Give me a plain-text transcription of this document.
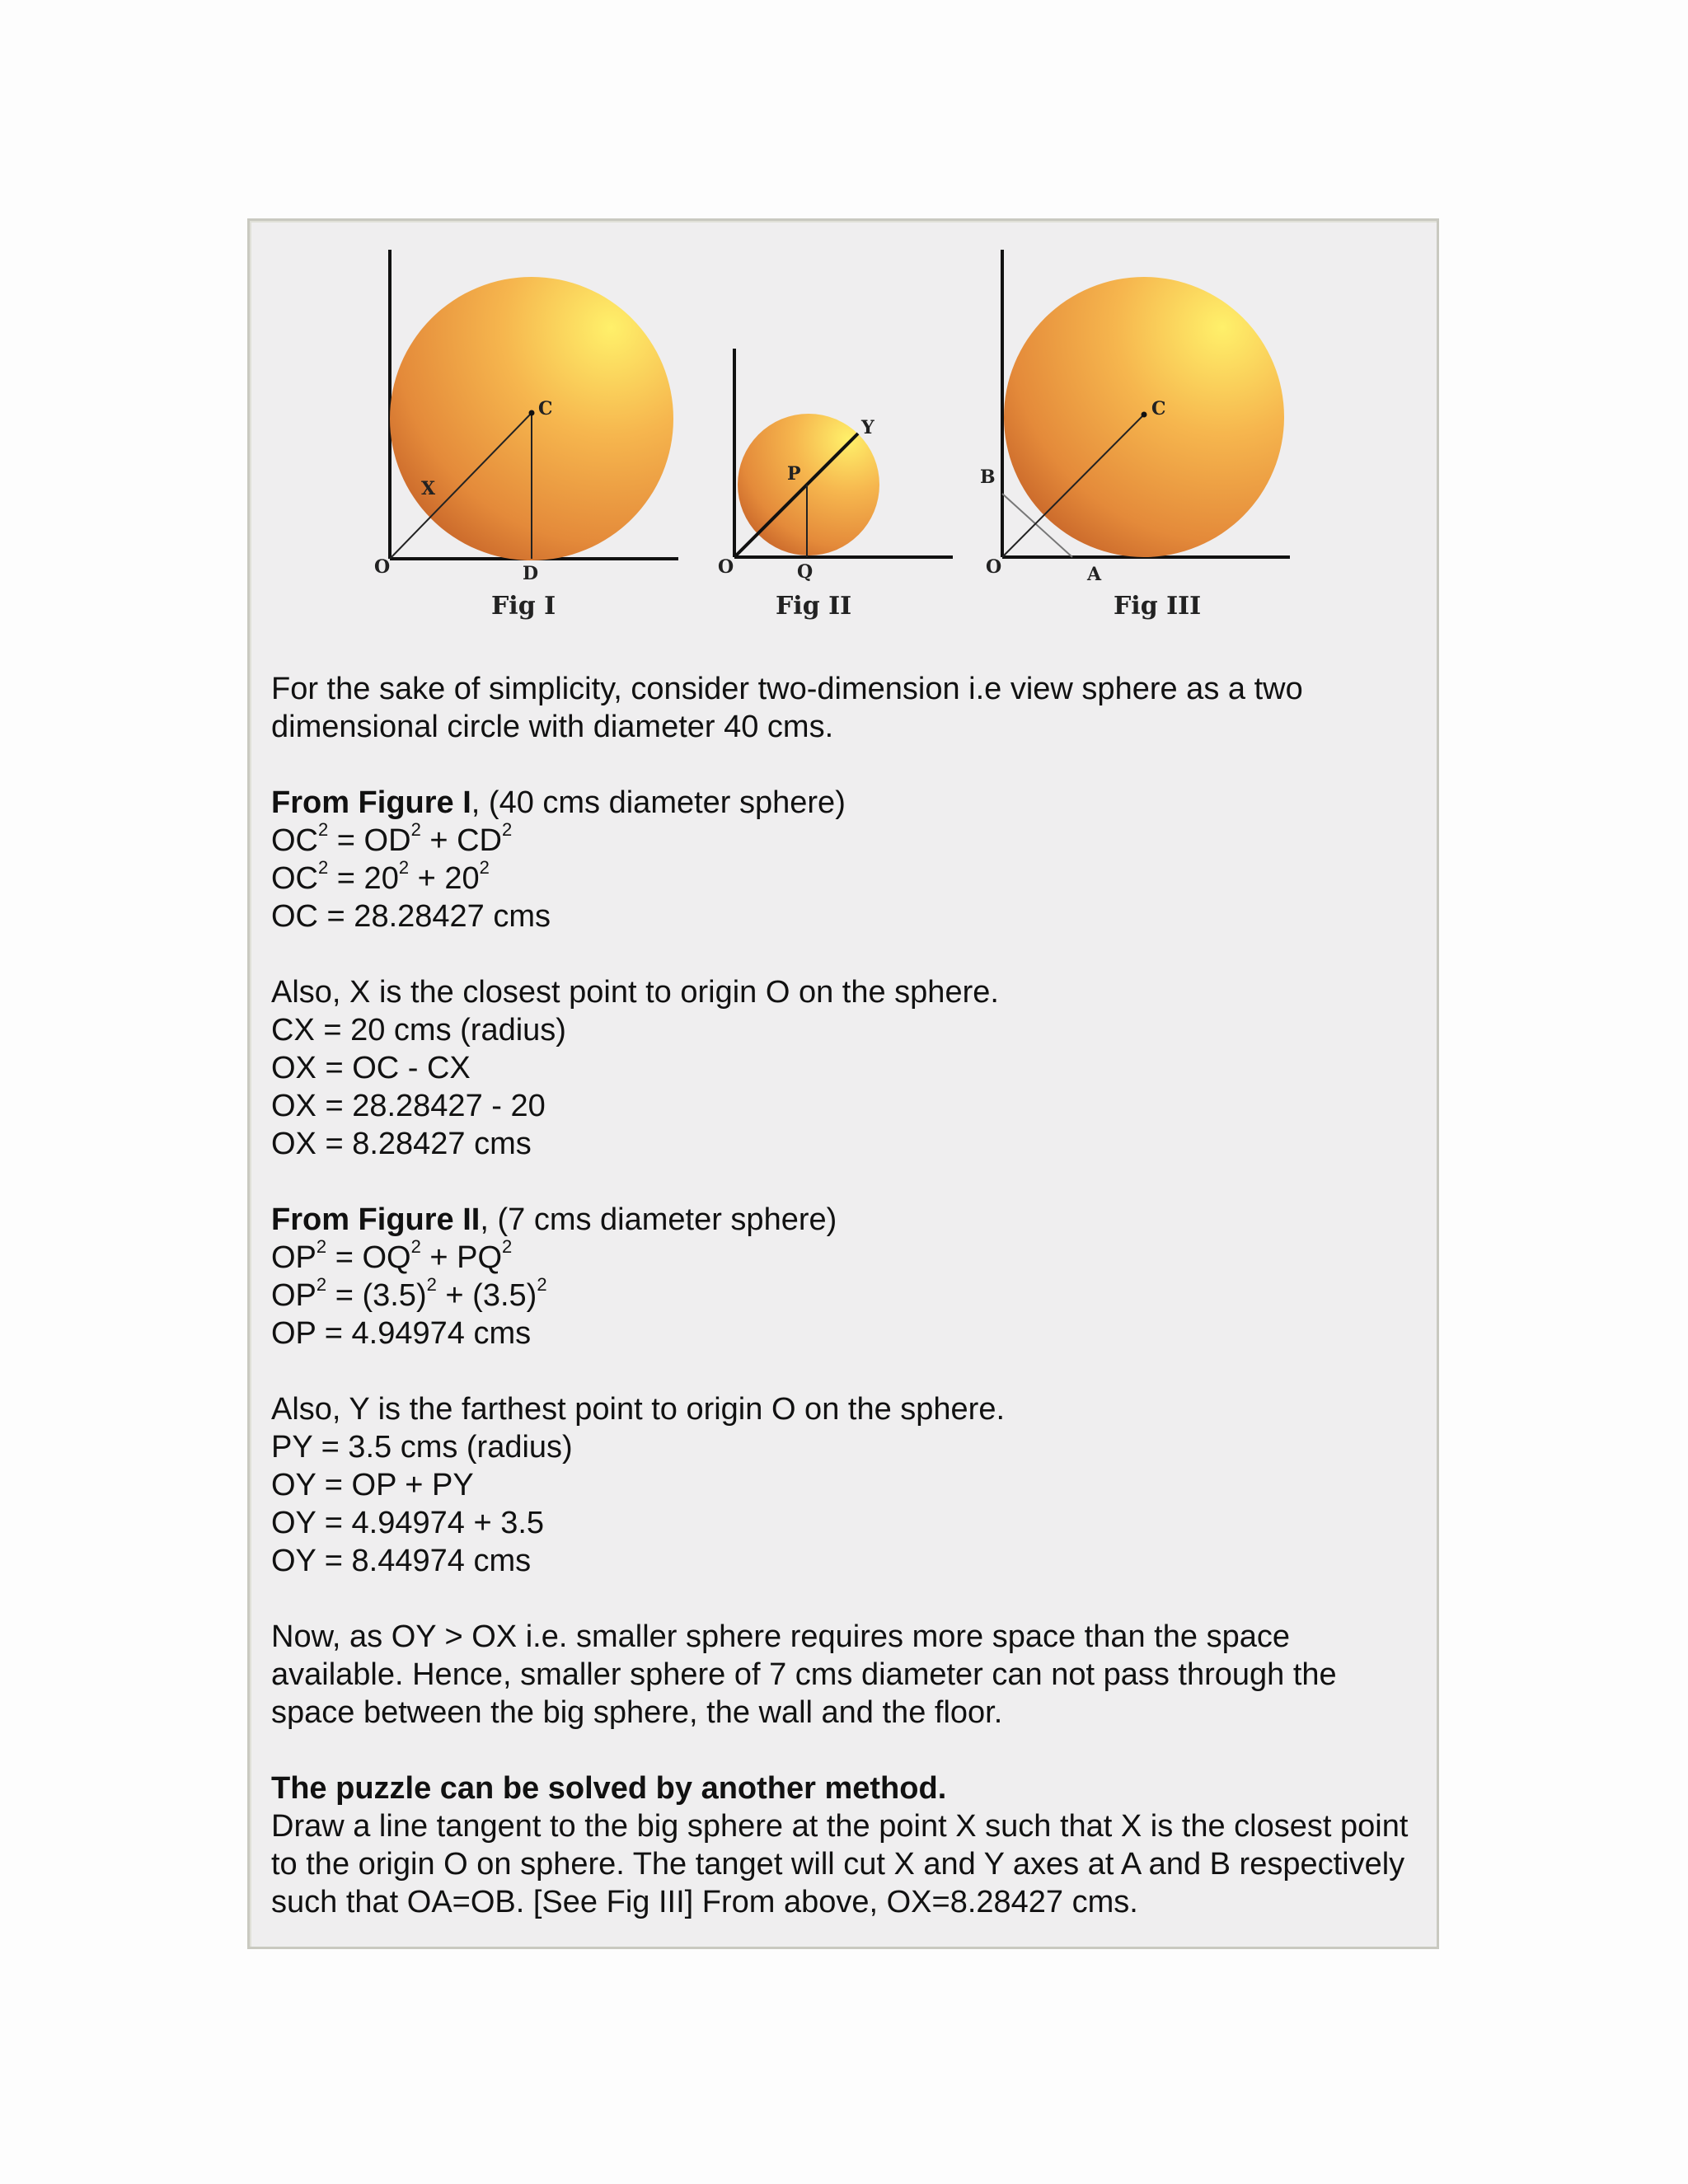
C
X
O	D
Fig I
P
Y
O	Q
Fig II
C
B
O	A
Fig III
For the sake of simplicity, consider two-dimension i.e view sphere as a two dimensional circle with diameter 40 cms.
From Figure I, (40 cms diameter sphere)
$OC^2 = OD^2 + CD^2$
$OC^2 = 20^2 + 20^2$
OC = 28.28427 cms
Also, X is the closest point to origin O on the sphere.
CX = 20 cms (radius)
OX = OC - CX
OX = 28.28427 - 20
OX = 8.28427 cms
From Figure II, (7 cms diameter sphere)
$OP^2 = OQ^2 + PQ^2$
$OP^2 = (3.5)^2 + (3.5)^2$
OP = 4.94974 cms
Also, Y is the farthest point to origin O on the sphere.
PY = 3.5 cms (radius)
OY = OP + PY
OY = 4.94974 + 3.5
OY = 8.44974 cms
Now, as OY > OX i.e. smaller sphere requires more space than the space available. Hence, smaller sphere of 7 cms diameter can not pass through the space between the big sphere, the wall and the floor.
The puzzle can be solved by another method.
Draw a line tangent to the big sphere at the point X such that X is the closest point to the origin O on sphere. The tanget will cut X and Y axes at A and B respectively such that OA=OB. [See Fig III] From above, OX=8.28427 cms.
